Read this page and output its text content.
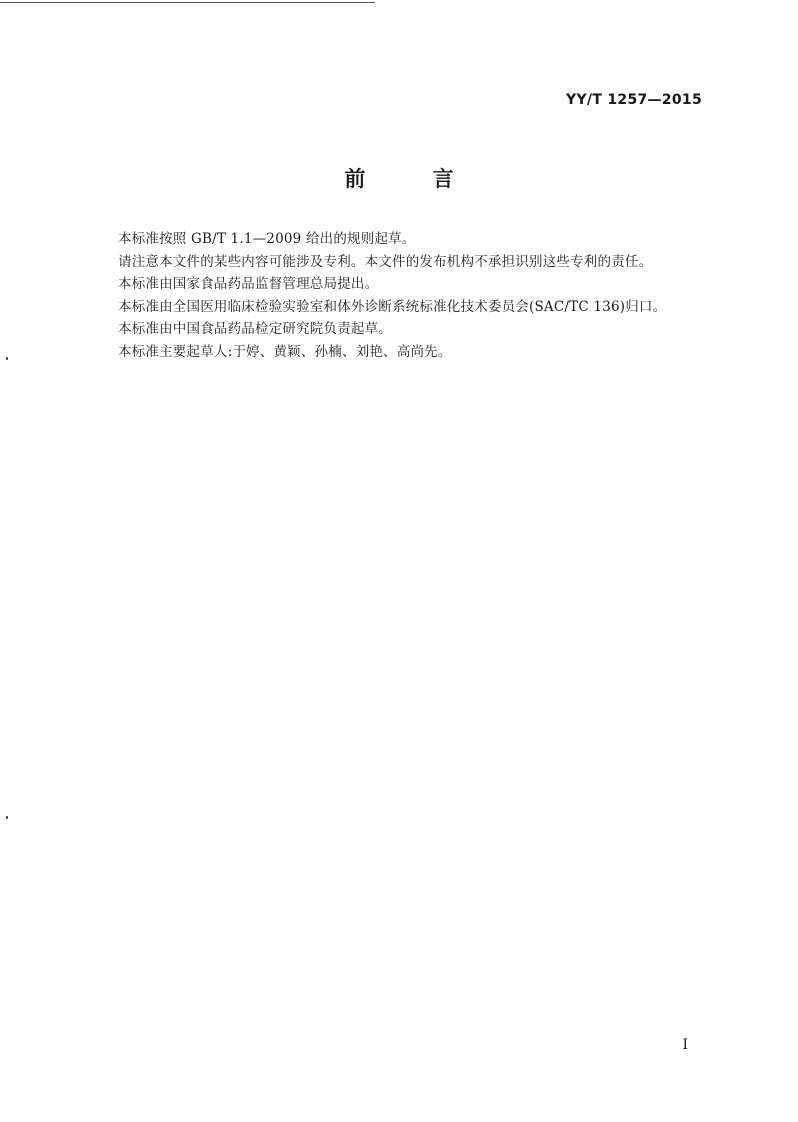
YY/T 1257—2015
前 言
本标准按照 GB/T 1.1—2009 给出的规则起草。
请注意本文件的某些内容可能涉及专利。本文件的发布机构不承担识别这些专利的责任。
本标准由国家食品药品监督管理总局提出。
本标准由全国医用临床检验实验室和体外诊断系统标准化技术委员会(SAC/TC 136)归口。
本标准由中国食品药品检定研究院负责起草。
本标准主要起草人:于婷、黄颖、孙楠、刘艳、高尚先。
I
